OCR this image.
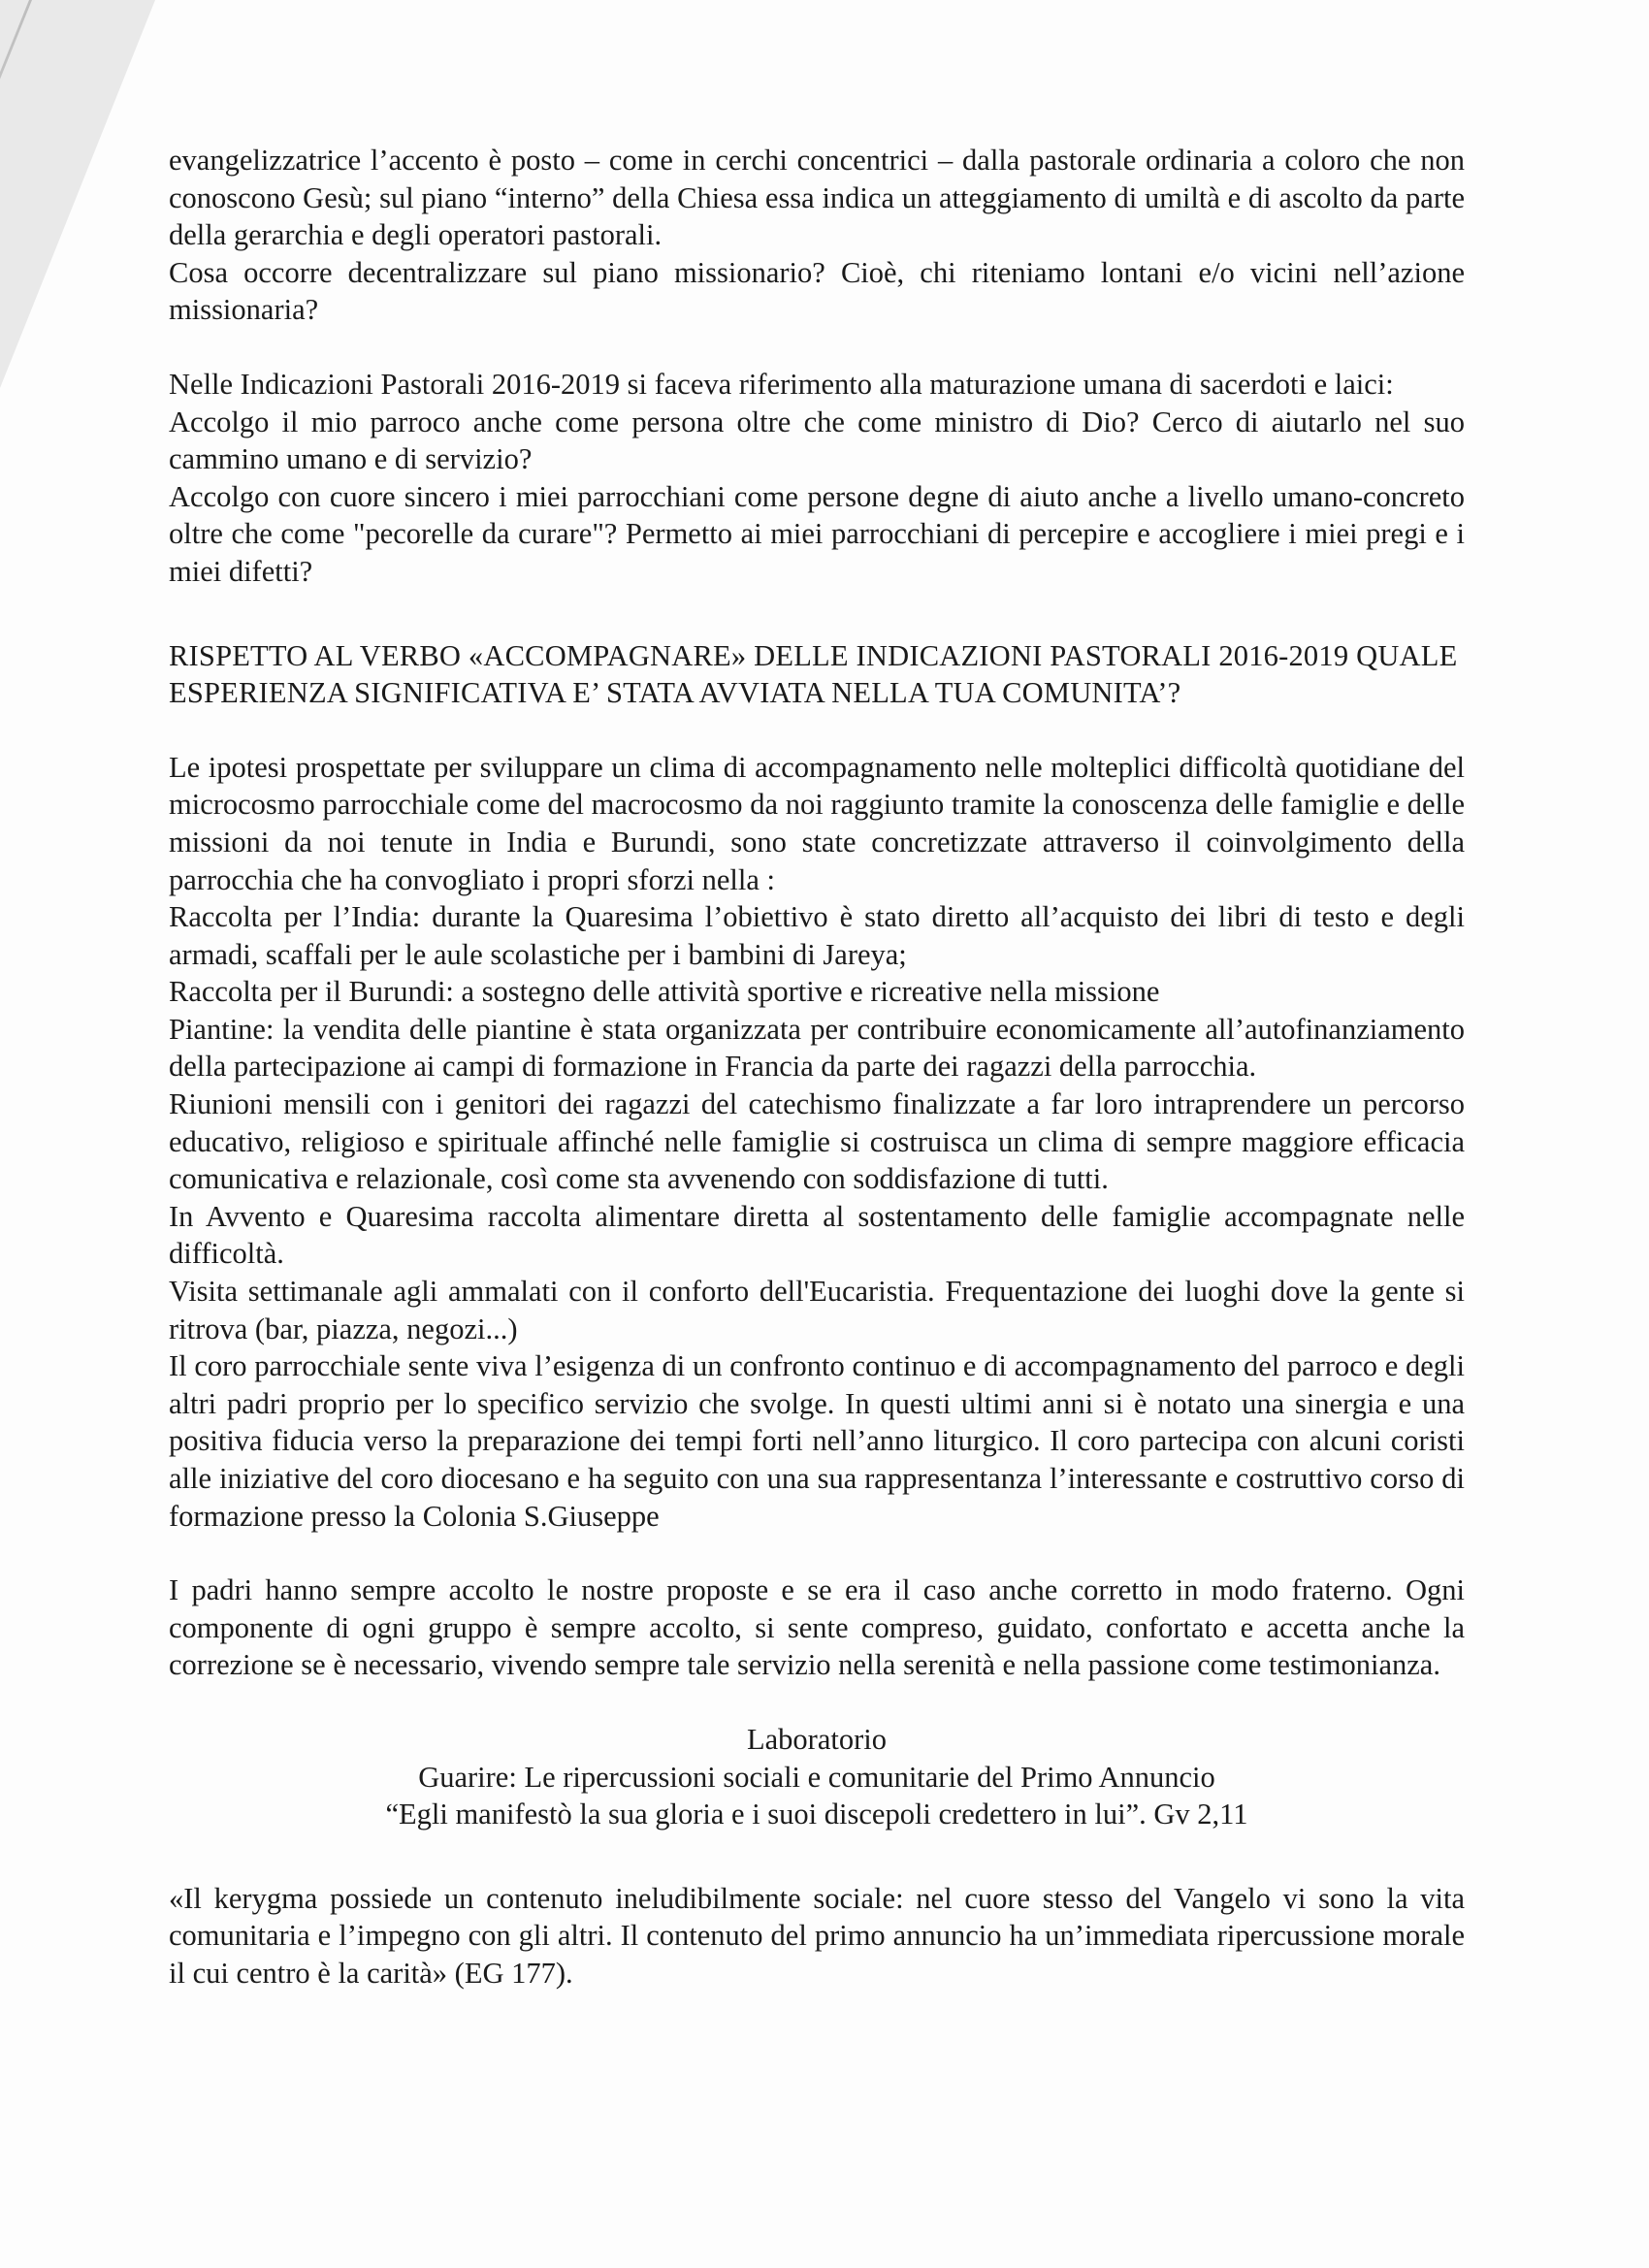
evangelizzatrice l’accento è posto – come in cerchi concentrici – dalla pastorale ordinaria a coloro che non conoscono Gesù; sul piano “interno” della Chiesa essa indica un atteggiamento di umiltà e di ascolto da parte della gerarchia e degli operatori pastorali.

Cosa occorre decentralizzare sul piano missionario? Cioè, chi riteniamo lontani e/o vicini nell’azione missionaria?

Nelle Indicazioni Pastorali 2016-2019 si faceva riferimento alla maturazione umana di sacerdoti e laici:

Accolgo il mio parroco anche come persona oltre che come ministro di Dio? Cerco di aiutarlo nel suo cammino umano e di servizio?

Accolgo con cuore sincero i miei parrocchiani come persone degne di aiuto anche a livello umano-concreto oltre che come "pecorelle da curare"? Permetto ai miei parrocchiani di percepire e accogliere i miei pregi e i miei difetti?

RISPETTO AL VERBO «ACCOMPAGNARE» DELLE INDICAZIONI PASTORALI 2016-2019 QUALE ESPERIENZA SIGNIFICATIVA E’ STATA AVVIATA NELLA TUA COMUNITA’?

Le ipotesi prospettate per sviluppare un clima di accompagnamento nelle molteplici difficoltà quotidiane del microcosmo parrocchiale come del macrocosmo da noi raggiunto tramite la conoscenza delle famiglie e delle missioni da noi tenute in India e Burundi, sono state concretizzate attraverso il coinvolgimento della parrocchia che ha convogliato i propri sforzi nella :

Raccolta per l’India: durante la Quaresima l’obiettivo è stato diretto all’acquisto dei libri di testo e degli armadi, scaffali per le aule scolastiche per i bambini di Jareya;

Raccolta per il Burundi: a sostegno delle attività sportive e ricreative nella missione

Piantine: la vendita delle piantine è stata organizzata per contribuire economicamente all’autofinanziamento della partecipazione ai campi di formazione in Francia da parte dei ragazzi della parrocchia.

Riunioni mensili con i genitori dei ragazzi del catechismo finalizzate a far loro intraprendere un percorso educativo, religioso e spirituale affinché nelle famiglie si costruisca un clima di sempre maggiore efficacia comunicativa e relazionale, così come sta avvenendo con soddisfazione di tutti.

In Avvento e Quaresima raccolta alimentare diretta al sostentamento delle famiglie accompagnate nelle difficoltà.

Visita settimanale agli ammalati con il conforto dell'Eucaristia. Frequentazione dei luoghi dove la gente si ritrova (bar, piazza, negozi...)

Il coro parrocchiale sente viva l’esigenza di un confronto continuo e di accompagnamento del parroco e degli altri padri proprio per lo specifico servizio che svolge. In questi ultimi anni si è notato una sinergia e una positiva fiducia verso la preparazione dei tempi forti nell’anno liturgico. Il coro partecipa con alcuni coristi alle iniziative del coro diocesano e ha seguito con una sua rappresentanza l’interessante e costruttivo corso di formazione presso la Colonia S.Giuseppe

I padri hanno sempre accolto le nostre proposte e se era il caso anche corretto in modo fraterno. Ogni componente di ogni gruppo è sempre accolto, si sente compreso, guidato, confortato e accetta anche la correzione se è necessario, vivendo sempre tale servizio nella serenità e nella passione come testimonianza.

Laboratorio

Guarire: Le ripercussioni sociali e comunitarie del Primo Annuncio

“Egli manifestò la sua gloria e i suoi discepoli credettero in lui”. Gv 2,11

«Il kerygma possiede un contenuto ineludibilmente sociale: nel cuore stesso del Vangelo vi sono la vita comunitaria e l’impegno con gli altri. Il contenuto del primo annuncio ha un’immediata ripercussione morale il cui centro è la carità» (EG 177).
